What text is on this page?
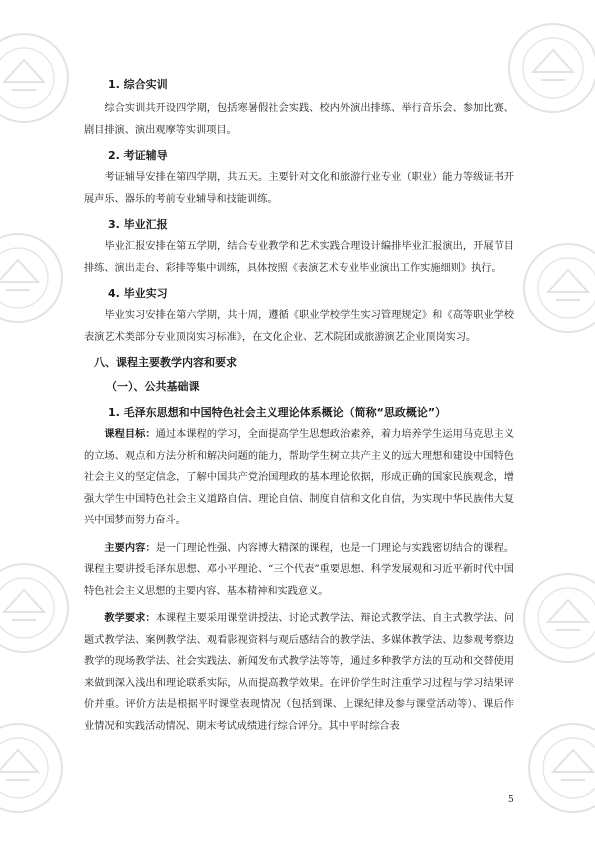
1. 综合实训

综合实训共开设四学期，包括寒暑假社会实践、校内外演出排练、举行音乐会、参加比赛、剧目排演、演出观摩等实训项目。

2. 考证辅导

考证辅导安排在第四学期，共五天。主要针对文化和旅游行业专业（职业）能力等级证书开展声乐、器乐的考前专业辅导和技能训练。

3. 毕业汇报

毕业汇报安排在第五学期，结合专业教学和艺术实践合理设计编排毕业汇报演出，开展节目排练、演出走台、彩排等集中训练，具体按照《表演艺术专业毕业演出工作实施细则》执行。

4. 毕业实习

毕业实习安排在第六学期，共十周，遵循《职业学校学生实习管理规定》和《高等职业学校表演艺术类部分专业顶岗实习标准》，在文化企业、艺术院团或旅游演艺企业顶岗实习。

八、课程主要教学内容和要求

（一）、公共基础课

1. 毛泽东思想和中国特色社会主义理论体系概论（简称“思政概论”）

课程目标：通过本课程的学习，全面提高学生思想政治素养，着力培养学生运用马克思主义的立场、观点和方法分析和解决问题的能力，帮助学生树立共产主义的远大理想和建设中国特色社会主义的坚定信念，了解中国共产党治国理政的基本理论依据，形成正确的国家民族观念，增强大学生中国特色社会主义道路自信、理论自信、制度自信和文化自信，为实现中华民族伟大复兴中国梦而努力奋斗。

主要内容：是一门理论性强、内容博大精深的课程，也是一门理论与实践密切结合的课程。课程主要讲授毛泽东思想、邓小平理论、“三个代表”重要思想、科学发展观和习近平新时代中国特色社会主义思想的主要内容、基本精神和实践意义。

教学要求：本课程主要采用课堂讲授法、讨论式教学法、辩论式教学法、自主式教学法、问题式教学法、案例教学法、观看影视资料与观后感结合的教学法、多媒体教学法、边参观考察边教学的现场教学法、社会实践法、新闻发布式教学法等等，通过多种教学方法的互动和交替使用来做到深入浅出和理论联系实际，从而提高教学效果。在评价学生时注重学习过程与学习结果评价并重。评价方法是根据平时课堂表现情况（包括到课、上课纪律及参与课堂活动等）、课后作业情况和实践活动情况、期末考试成绩进行综合评分。其中平时综合表

5
